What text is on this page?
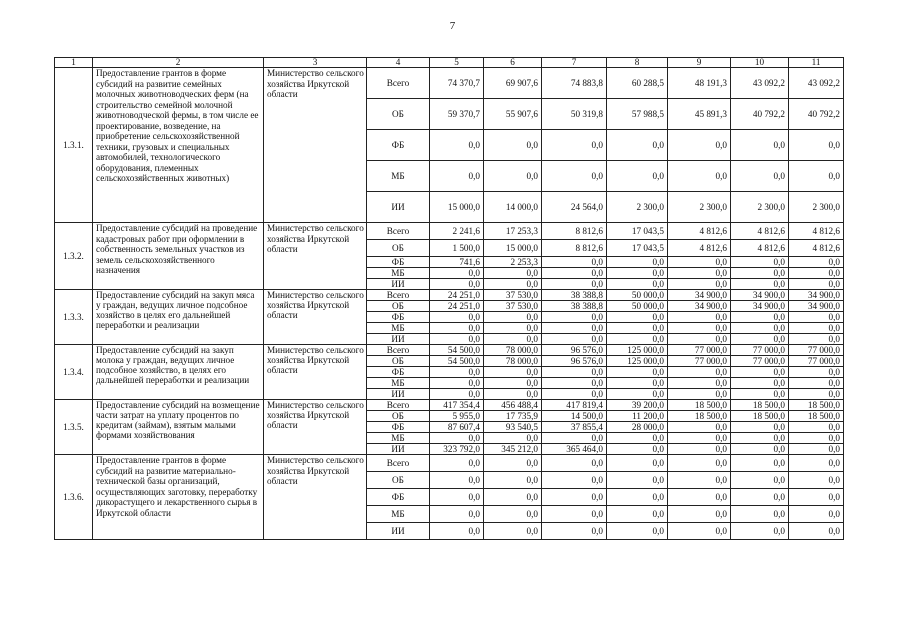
7
1	2	3	4	5	6	7	8	9	10	11
1.3.1.	Предоставление грантов в форме субсидий на развитие семейных молочных животноводческих ферм (на строительство семейной молочной животноводческой фермы, в том числе ее проектирование, возведение, на приобретение сельскохозяйственной техники, грузовых и специальных автомобилей, технологического оборудования, племенных сельскохозяйственных животных)	Министерство сельского хозяйства Иркутской области	Всего	74 370,7	69 907,6	74 883,8	60 288,5	48 191,3	43 092,2	43 092,2
			ОБ	59 370,7	55 907,6	50 319,8	57 988,5	45 891,3	40 792,2	40 792,2
			ФБ	0,0	0,0	0,0	0,0	0,0	0,0	0,0
			МБ	0,0	0,0	0,0	0,0	0,0	0,0	0,0
			ИИ	15 000,0	14 000,0	24 564,0	2 300,0	2 300,0	2 300,0	2 300,0
1.3.2.	Предоставление субсидий на проведение кадастровых работ при оформлении в собственность земельных участков из земель сельскохозяйственного назначения	Министерство сельского хозяйства Иркутской области	Всего	2 241,6	17 253,3	8 812,6	17 043,5	4 812,6	4 812,6	4 812,6
			ОБ	1 500,0	15 000,0	8 812,6	17 043,5	4 812,6	4 812,6	4 812,6
			ФБ	741,6	2 253,3	0,0	0,0	0,0	0,0	0,0
			МБ	0,0	0,0	0,0	0,0	0,0	0,0	0,0
			ИИ	0,0	0,0	0,0	0,0	0,0	0,0	0,0
1.3.3.	Предоставление субсидий на закуп мяса у граждан, ведущих личное подсобное хозяйство в целях его дальнейшей переработки и реализации	Министерство сельского хозяйства Иркутской области	Всего	24 251,0	37 530,0	38 388,8	50 000,0	34 900,0	34 900,0	34 900,0
			ОБ	24 251,0	37 530,0	38 388,8	50 000,0	34 900,0	34 900,0	34 900,0
			ФБ	0,0	0,0	0,0	0,0	0,0	0,0	0,0
			МБ	0,0	0,0	0,0	0,0	0,0	0,0	0,0
			ИИ	0,0	0,0	0,0	0,0	0,0	0,0	0,0
1.3.4.	Предоставление субсидий на закуп молока у граждан, ведущих личное подсобное хозяйство, в целях его дальнейшей переработки и реализации	Министерство сельского хозяйства Иркутской области	Всего	54 500,0	78 000,0	96 576,0	125 000,0	77 000,0	77 000,0	77 000,0
			ОБ	54 500,0	78 000,0	96 576,0	125 000,0	77 000,0	77 000,0	77 000,0
			ФБ	0,0	0,0	0,0	0,0	0,0	0,0	0,0
			МБ	0,0	0,0	0,0	0,0	0,0	0,0	0,0
			ИИ	0,0	0,0	0,0	0,0	0,0	0,0	0,0
1.3.5.	Предоставление субсидий на возмещение части затрат на уплату процентов по кредитам (займам), взятым малыми формами хозяйствования	Министерство сельского хозяйства Иркутской области	Всего	417 354,4	456 488,4	417 819,4	39 200,0	18 500,0	18 500,0	18 500,0
			ОБ	5 955,0	17 735,9	14 500,0	11 200,0	18 500,0	18 500,0	18 500,0
			ФБ	87 607,4	93 540,5	37 855,4	28 000,0	0,0	0,0	0,0
			МБ	0,0	0,0	0,0	0,0	0,0	0,0	0,0
			ИИ	323 792,0	345 212,0	365 464,0	0,0	0,0	0,0	0,0
1.3.6.	Предоставление грантов в форме субсидий на развитие материально-технической базы организаций, осуществляющих заготовку, переработку дикорастущего и лекарственного сырья в Иркутской области	Министерство сельского хозяйства Иркутской области	Всего	0,0	0,0	0,0	0,0	0,0	0,0	0,0
			ОБ	0,0	0,0	0,0	0,0	0,0	0,0	0,0
			ФБ	0,0	0,0	0,0	0,0	0,0	0,0	0,0
			МБ	0,0	0,0	0,0	0,0	0,0	0,0	0,0
			ИИ	0,0	0,0	0,0	0,0	0,0	0,0	0,0
